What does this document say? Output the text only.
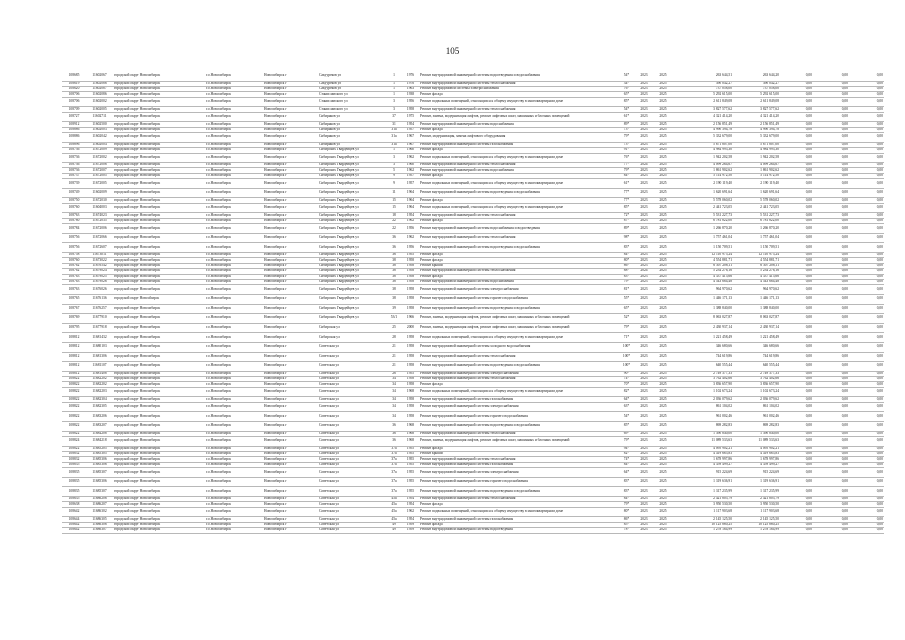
105
108685	11602067	городской округ Новосибирск	г.о.Новосибирск	Новосибирск г	Сакууреков ул	1	1976	Ремонт внутридомовой инженерной системы водоотведения и водоснабжения	54*	2023	2025		263 644,51	263 644,20	0,00	0,00	0,00
108619	11602086	городской округ Новосибирск	г.о.Новосибирск	Новосибирск г	Сакууреков ул	1	1976	Ремонт внутридомовой инженерной системы теплоснабжения	34*	2023	2025		390 042,27	390 042,27	0,00	0,00	0,00
108620	11602087	городской округ Новосибирск	г.о.Новосибирск	Новосибирск г	Сакууреков ул	1	1963	Ремонт внутридомовой системы электроснабжения	76*	2023	2025		737 058,00	737 058,00	0,00	0,00	0,00
108706	11602086	городской округ Новосибирск	г.о.Новосибирск	Новосибирск г	Станиславского ул	1	1938	Ремонт фасада	65*	2023	2025		5 292 615,00	5 292 615,00	0,00	0,00	0,00
108706	11602002	городской округ Новосибирск	г.о.Новосибирск	Новосибирск г	Станиславского ул	3	1956	Ремонт подвальных помещений, относящихся к общему имуществу в многоквартирном доме	85*	2023	2025		2 611 849,08	2 611 849,08	0,00	0,00	0,00
108709	11602005	городской округ Новосибирск	г.о.Новосибирск	Новосибирск г	Станиславского ул	3	1958	Ремонт внутридомовой инженерной системы теплоснабжения	54*	2023	2025		3 827 577,62	3 827 577,62	0,00	0,00	0,00
108727	11602711	городской округ Новосибирск	г.о.Новосибирск	Новосибирск г	Сибиряков ул	37	1975	Ремонт, замена, модернизация лифтов, ремонт лифтовых шахт, машинных и блочных помещений	61*	2023	2025		4 321 414,20	4 321 414,20	0,00	0,00	0,00
108912	11602500	городской округ Новосибирск	г.о.Новосибирск	Новосибирск г	Сибиряков ул	31	1954	Ремонт внутридомовой инженерной системы водоснабжения	89*	2023	2025		2 156 851,49	2 156 851,49	0,00	0,00	0,00
108886	11602003	городской округ Новосибирск	г.о.Новосибирск	Новосибирск г	Сибиряков ул	31а	1957	Ремонт фасада	73*	2023	2025		4 990 394,78	4 990 394,78	0,00	0,00	0,00
108886	11602042	городской округ Новосибирск	г.о.Новосибирск	Новосибирск г	Сибиряков ул	31а	1967	Ремонт, модернизация, замена лифтового оборудования	79*	2023	2025		5 332 679,00	5 332 679,00	0,00	0,00	0,00
108896	11602004	городской округ Новосибирск	г.о.Новосибирск	Новосибирск г	Сибиряков ул	31а	1967	Ремонт внутридомовой инженерной системы газоснабжения	73*	2023	2025		5 671 807,00	5 671 807,00	0,00	0,00	0,00
108736	11672009	городской округ Новосибирск	г.о.Новосибирск	Новосибирск г	Сибирских Гвардейцев ул	1	1960	Ремонт фасада	91*	2023	2025		4 984 995,30	4 984 995,30	0,00	0,00	0,00
108736	11672002	городской округ Новосибирск	г.о.Новосибирск	Новосибирск г	Сибирских Гвардейцев ул	3	1962	Ремонт подвальных помещений, относящихся к общему имуществу в многоквартирном доме	76*	2023	2025		1 942 202,58	1 942 202,58	0,00	0,00	0,00
108736	11672006	городской округ Новосибирск	г.о.Новосибирск	Новосибирск г	Сибирских Гвардейцев ул	3	1960	Ремонт внутридомовой инженерной системы теплоснабжения	77*	2024	2025		4 099 264,67	4 099 264,67	0,00	0,00	0,00
108736	11672007	городской округ Новосибирск	г.о.Новосибирск	Новосибирск г	Сибирских Гвардейцев ул	5	1962	Ремонт внутридомовой инженерной системы водоснабжения	79*	2023	2025		1 861 902,62	1 861 902,62	0,00	0,00	0,00
108737	11672005	городской округ Новосибирск	г.о.Новосибирск	Новосибирск г	Сибирских Гвардейцев ул	9	1957	Ремонт фасада	84*	2023	2025		5 114 972,50	5 114 972,50	0,00	0,00	0,00
108739	11672005	городской округ Новосибирск	г.о.Новосибирск	Новосибирск г	Сибирских Гвардейцев ул	9	1957	Ремонт подвальных помещений, относящихся к общему имуществу в многоквартирном доме	61*	2023	2025		2 190 119,40	2 190 119,40	0,00	0,00	0,00
108749	11602009	городской округ Новосибирск	г.о.Новосибирск	Новосибирск г	Сибирских Гвардейцев ул	11	1964	Ремонт внутридомовой инженерной системы водоотведения и водоснабжения	77*	2023	2025		1 620 691,64	1 620 691,64	0,00	0,00	0,00
108750	11672030	городской округ Новосибирск	г.о.Новосибирск	Новосибирск г	Сибирских Гвардейцев ул	15	1964	Ремонт фасада	77*	2023	2025		5 578 060,02	5 578 060,02	0,00	0,00	0,00
108760	11604003	городской округ Новосибирск	г.о.Новосибирск	Новосибирск г	Сибирских Гвардейцев ул	15	1964	Ремонт подвальных помещений, относящихся к общему имуществу в многоквартирном доме	85*	2023	2025		2 441 723,05	2 441 723,05	0,00	0,00	0,00
108763	11674023	городской округ Новосибирск	г.о.Новосибирск	Новосибирск г	Сибирских Гвардейцев ул	18	1954	Ремонт внутридомовой инженерной системы теплоснабжения	72*	2023	2025		5 531 227,73	5 531 227,73	0,00	0,00	0,00
108780	11672035	городской округ Новосибирск	г.о.Новосибирск	Новосибирск г	Сибирских Гвардейцев ул	22	1962	Ремонт фасада	87*	2023	2025		6 781 822,00	6 781 822,00	0,00	0,00	0,00
108784	11672006	городской округ Новосибирск	г.о.Новосибирск	Новосибирск г	Сибирских Гвардейцев ул	22	1956	Ремонт внутридомовой инженерной системы водоснабжения и водоотведения	89*	2023	2025		1 266 870,20	1 266 870,20	0,00	0,00	0,00
108756	11672066	городской округ Новосибирск	г.о.Новосибирск	Новосибирск г	Сибирских Гвардейцев ул	36	1962	Ремонт внутридомовой инженерной системы теплоснабжения	98*	2023	2025		1 757 461,04	1 757 461,04	0,00	0,00	0,00
108756	11672607	городской округ Новосибирск	г.о.Новосибирск	Новосибирск г	Сибирских Гвардейцев ул	36	1956	Ремонт внутридомовой инженерной системы водоотведения и водоснабжения	83*	2023	2025		1 150 709,51	1 150 709,51	0,00	0,00	0,00
108758	11673011	городской округ Новосибирск	г.о.Новосибирск	Новосибирск г	Сибирских Гвардейцев ул	36	1955	Ремонт фасада	84*	2023	2025		12 110 975,24	12 110 975,24	0,00	0,00	0,00
108760	11673022	городской округ Новосибирск	г.о.Новосибирск	Новосибирск г	Сибирских Гвардейцев ул	38	1958	Ремонт фасада	80*	2023	2025		4 554 881,71	4 554 881,71	0,00	0,00	0,00
108762	11676542	городской округ Новосибирск	г.о.Новосибирск	Новосибирск г	Сибирских Гвардейцев ул	38	1958	Ремонт крыши	86*	2023	2025		6 307 208,11	6 307 208,11	0,00	0,00	0,00
108762	11679024	городской округ Новосибирск	г.о.Новосибирск	Новосибирск г	Сибирских Гвардейцев ул	38	1958	Ремонт внутридомовой инженерной системы теплоснабжения	88*	2024	2025		5 234 276,16	5 234 276,16	0,00	0,00	0,00
108763	11679025	городской округ Новосибирск	г.о.Новосибирск	Новосибирск г	Сибирских Гвардейцев ул	38	1958	Ремонт фасада	83*	2023	2025		4 337 415,66	4 337 415,66	0,00	0,00	0,00
108763	11679026	городской округ Новосибирск	г.о.Новосибирск	Новосибирск г	Сибирских Гвардейцев ул	38	1958	Ремонт внутридомовой инженерной системы водоснабжения	79*	2023	2025		4 543 684,48	4 543 684,48	0,00	0,00	0,00
108763	11676026	городской округ Новосибирск	г.о.Новосибирск	Новосибирск г	Сибирских Гвардейцев ул	38	1958	Ремонт внутридомовой инженерной системы электроснабжения	81*	2023	2025		964 970,62	964 970,62	0,00	0,00	0,00
108765	11676136	городской округ Новосibирск	г.о.Новосибирск	Новосибирск г	Сибирских Гвардейцев ул	38	1958	Ремонт внутридомовой инженерной системы горячего водоснабжения	55*	2023	2025		1 446 171,13	1 446 171,13	0,00	0,00	0,00
108767	11676257	городской округ Новосибирск	г.о.Новосибирск	Новосибирск г	Сибирских Гвардейцев ул	39	1958	Ремонт внутридомовой инженерной системы водоотведения и водоснабжения	65*	2023	2025		1 388 840,00	1 388 840,00	0,00	0,00	0,00
108769	11677910	городской округ Новосибирск	г.о.Новосибирск	Новосибирск г	Сибирских Гвардейцев ул	53/1	1966	Ремонт, замена, модернизация лифтов, ремонт лифтовых шахт, машинных и блочных помещений	52*	2023	2025		8 063 027,87	8 063 027,87	0,00	0,00	0,00
108795	11677918	городской округ Новосибирск	г.о.Новосибирск	Новосибирск г	Сибирская ул	25	2000	Ремонт, замена, модернизация лифтов, ремонт лифтовых шахт, машинных и блочных помещений	79*	2023	2025		2 430 937,14	2 430 937,14	0,00	0,00	0,00
108812	11681432	городской округ Новосибирск	г.о.Новосибирск	Новосибирск г	Сибирская ул	28	1958	Ремонт подвальных помещений, относящихся к общему имуществу в многоквартирном доме	71*	2023	2025		1 221 458,49	1 221 458,49	0,00	0,00	0,00
108812	11680103	городской округ Новосибирск	г.о.Новосибирск	Новосибирск г	Советская ул	21	1958	Ремонт внутридомовой инженерной системы холодного водоснабжения	100*	2023	2025		346 680,66	346 680,66	0,00	0,00	0,00
108812	11681306	городской округ Новосибирск	г.о.Новосибирск	Новосибирск г	Советская ул	21	1958	Ремонт внутридомовой инженерной системы теплоснабжения	100*	2023	2025		744 619,86	744 619,86	0,00	0,00	0,00
108812	11681107	городской округ Новосибирск	г.о.Новосибирск	Новосибирск г	Советская ул	21	1958	Ремонт внутридомовой инженерной системы водоотведения и водоснабжения	100*	2023	2025		640 555,44	640 555,44	0,00	0,00	0,00
108812	11681408	городской округ Новосибирск	г.о.Новосибирск	Новосибирск г	Советская ул	26	1955	Ремонт внутридомовой инженерной системы электроснабжения	90*	2023	2025		2 749 377,33	2 749 377,33	0,00	0,00	0,00
108822	11682202	городской округ Новосибирск	г.о.Новосибирск	Новосибирск г	Советская ул	34	1958	Ремонт внутридомовой инженерной системы теплоснабжения	74*	2023	2025		3 762 402,66	3 762 402,66	0,00	0,00	0,00
108822	11682202	городской округ Новосибирск	г.о.Новосибирск	Новосибирск г	Советская ул	34	1958	Ремонт фасада	70*	2023	2025		3 836 657,90	3 836 657,90	0,00	0,00	0,00
108822	11682203	городской округ Новосибирск	г.о.Новосибирск	Новосибирск г	Советская ул	34	1968	Ремонт подвальных помещений, относящихся к общему имуществу в многоквартирном доме	82*	2023	2025		1 102 673,24	1 102 673,24	0,00	0,00	0,00
108822	11682304	городской округ Новосибирск	г.о.Новосибирск	Новосибирск г	Советская ул	34	1958	Ремонт внутридомовой инженерной системы газоснабжения	64*	2023	2025		2 036 079,62	2 036 079,62	0,00	0,00	0,00
108822	11682305	городской округ Новосибирск	г.о.Новосибирск	Новосибирск г	Советская ул	34	1958	Ремонт внутридомовой инженерной системы электроснабжения	63*	2023	2025		861 104,02	861 104,02	0,00	0,00	0,00
108822	11683206	городской округ Новосибирск	г.о.Новосибирск	Новосибирск г	Советская ул	34	1958	Ремонт внутридомовой инженерной системы горячего водоснабжения	54*	2023	2025		961 002,46	961 002,46	0,00	0,00	0,00
108822	11683207	городской округ Новосибирск	г.о.Новосибирск	Новосибирск г	Советская ул	36	1968	Ремонт внутридомовой инженерной системы водоотведения и водоснабжения	85*	2023	2025		869 282,83	869 282,83	0,00	0,00	0,00
108822	11684208	городской округ Новосибирск	г.о.Новосибирск	Новосибирск г	Советская ул	36	1968	Ремонт внутридомовой инженерной системы теплоснабжения	69*	2023	2025		1 390 840,00	1 390 840,00	0,00	0,00	0,00
108824	11684218	городской округ Новосибирск	г.о.Новосибирск	Новосибирск г	Советская ул	36	1968	Ремонт, замена, модернизация лифтов, ремонт лифтовых шахт, машинных и блочных помещений	79*	2023	2025		11 089 533,63	11 089 533,63	0,00	0,00	0,00
108822	11685205	городской округ Новосибирск	г.о.Новосибирск	Новосибирск г	Советская ул	37а	1955	Ремонт фасада	94*	2023	2025		4 095 902,21	4 095 902,21	0,00	0,00	0,00
108832	11685305	городской округ Новосибирск	г.о.Новосибирск	Новосибирск г	Советская ул	37а	1955	Ремонт крыши	82*	2023	2025		4 419 665,83	4 419 665,83	0,00	0,00	0,00
108832	11685306	городской округ Новосибирск	г.о.Новосибирск	Новосибирск г	Советская ул	37а	1955	Ремонт внутридомовой инженерной системы теплоснабжения	74*	2023	2025		1 678 997,86	1 678 997,86	0,00	0,00	0,00
108835	11685306	городской округ Новосибирск	г.о.Новосибирск	Новосибирск г	Советская ул	37а	1955	Ремонт внутридомовой инженерной системы газоснабжения	84*	2023	2025		4 359 499,27	4 359 499,27	0,00	0,00	0,00
108835	11685307	городской округ Новосибирск	г.о.Новосибирск	Новосибирск г	Советская ул	37а	1955	Ремонт внутридомовой инженерной системы электроснабжения	64*	2023	2025		915 224,69	915 224,69	0,00	0,00	0,00
108835	11685306	городской округ Новосибирск	г.о.Новосибирск	Новосибирск г	Советская ул	37а	1955	Ремонт внутридомовой инженерной системы горячего водоснабжения	83*	2023	2025		1 319 636,91	1 319 636,91	0,00	0,00	0,00
108835	11685307	городской округ Новосибирск	г.о.Новосибирск	Новосибирск г	Советская ул	37а	1955	Ремонт внутридомовой инженерной системы водоотведения и водоснабжения	83*	2023	2025		1 317 235,99	1 317 235,99	0,00	0,00	0,00
108635	11686206	городской округ Новосибирск	г.о.Новосибирск	Новосибирск г	Советская ул	45а	1954	Ремонт внутридомовой инженерной системы теплоснабжения	84*	2023	2025		2 421 805,79	2 421 805,79	0,00	0,00	0,00
108638	11686207	городской округ Новосибирск	г.о.Новосибирск	Новосибирск г	Советская ул	45а	1954	Ремонт фасада	79*	2023	2025		3 950 530,50	3 950 530,50	0,00	0,00	0,00
108642	11686302	городской округ Новосибирск	г.о.Новосибирск	Новосибирск г	Советская ул	45а	1962	Ремонт подвальных помещений, относящихся к общему имуществу в многоквартирном доме	80*	2023	2025		1 117 903,68	1 117 903,68	0,00	0,00	0,00
108644	11686305	городской округ Новосибирск	г.о.Новосибирск	Новосибирск г	Советская ул	45а	1954	Ремонт внутридомовой инженерной системы газоснабжения	86*	2023	2025		2 145 125,50	2 145 125,50	0,00	0,00	0,00
108642	11686306	городской округ Новосибирск	г.о.Новосибирск	Новосибирск г	Советская ул	49	1959	Ремонт фасада	85*	2023	2025		10 125 860,25	10 125 860,25	0,00	0,00	0,00
108642	11686307	городской округ Новосибирск	г.о.Новосибирск	Новосибирск г	Советская ул	49	1959	Ремонт внутридомовой инженерной системы водоотведения	78*	2023	2025		1 278 184,99	1 278 184,99	0,00	0,00	0,00
